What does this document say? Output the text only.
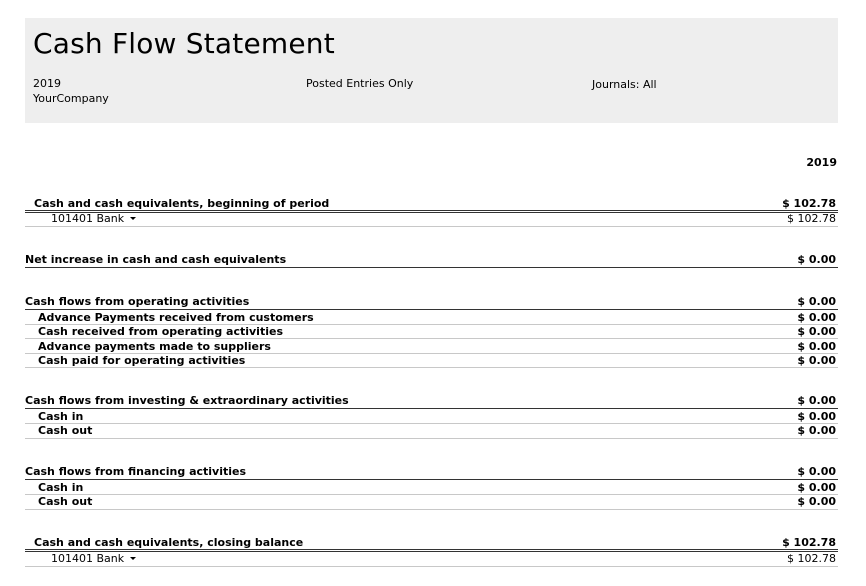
Cash Flow Statement
2019
YourCompany
Posted Entries Only	Journals: All
2019
Cash and cash equivalents, beginning of period	$ 102.78
101401 Bank	$ 102.78
Net increase in cash and cash equivalents	$ 0.00
Cash flows from operating activities	$ 0.00
Advance Payments received from customers	$ 0.00
Cash received from operating activities	$ 0.00
Advance payments made to suppliers	$ 0.00
Cash paid for operating activities	$ 0.00
Cash flows from investing & extraordinary activities	$ 0.00
Cash in	$ 0.00
Cash out	$ 0.00
Cash flows from financing activities	$ 0.00
Cash in	$ 0.00
Cash out	$ 0.00
Cash and cash equivalents, closing balance	$ 102.78
101401 Bank	$ 102.78
